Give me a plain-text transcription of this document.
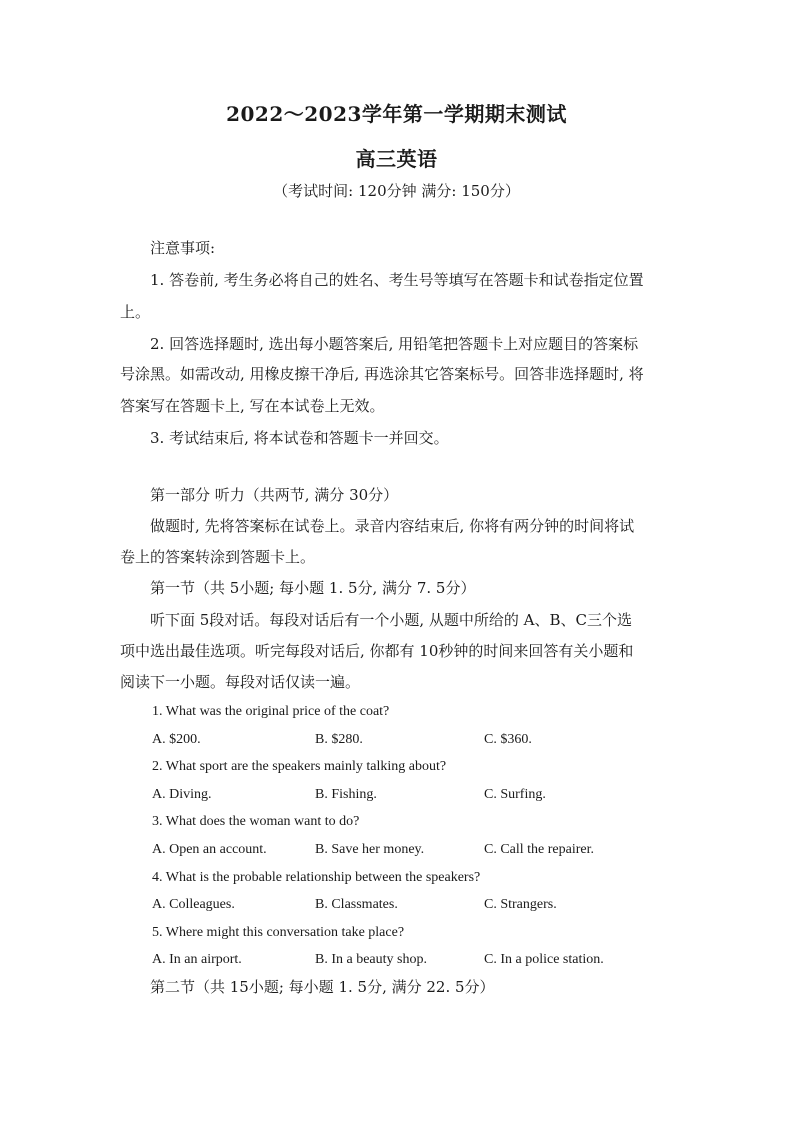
2022～2023学年第一学期期末测试
高三英语
（考试时间: 120分钟 满分: 150分）
注意事项:
1. 答卷前, 考生务必将自己的姓名、考生号等填写在答题卡和试卷指定位置
上。
2. 回答选择题时, 选出每小题答案后, 用铅笔把答题卡上对应题目的答案标
号涂黑。如需改动, 用橡皮擦干净后, 再选涂其它答案标号。回答非选择题时, 将
答案写在答题卡上, 写在本试卷上无效。
3. 考试结束后, 将本试卷和答题卡一并回交。
第一部分 听力（共两节, 满分 30分）
做题时, 先将答案标在试卷上。录音内容结束后, 你将有两分钟的时间将试
卷上的答案转涂到答题卡上。
第一节（共 5小题; 每小题 1. 5分, 满分 7. 5分）
听下面 5段对话。每段对话后有一个小题, 从题中所给的 A、B、C三个选
项中选出最佳选项。听完每段对话后, 你都有 10秒钟的时间来回答有关小题和
阅读下一小题。每段对话仅读一遍。
1. What was the original price of the coat?
A. $200.	B. $280.	C. $360.
2. What sport are the speakers mainly talking about?
A. Diving.	B. Fishing.	C. Surfing.
3. What does the woman want to do?
A. Open an account.	B. Save her money.	C. Call the repairer.
4. What is the probable relationship between the speakers?
A. Colleagues.	B. Classmates.	C. Strangers.
5. Where might this conversation take place?
A. In an airport.	B. In a beauty shop.	C. In a police station.
第二节（共 15小题; 每小题 1. 5分, 满分 22. 5分）
